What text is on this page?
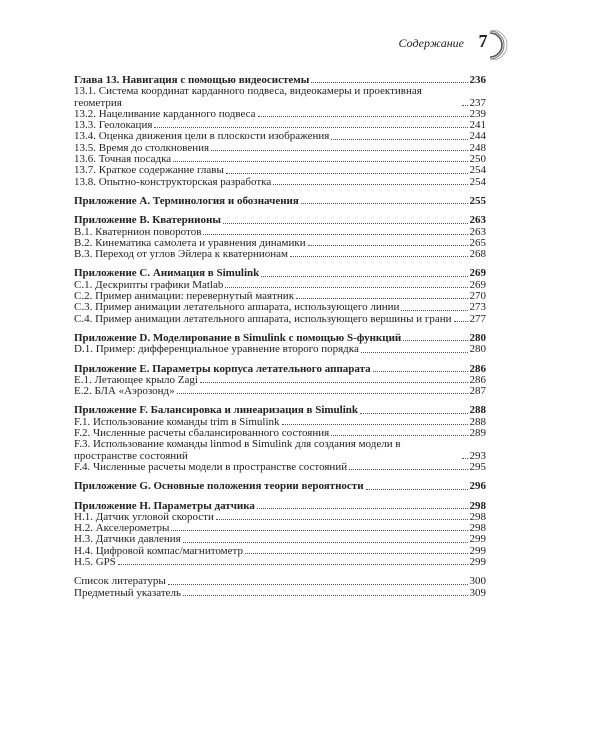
Содержание 7
Глава 13. Навигация с помощью видеосистемы	236
13.1. Система координат карданного подвеса, видеокамеры и проективная геометрия	237
13.2. Нацеливание карданного подвеса	239
13.3. Геолокация	241
13.4. Оценка движения цели в плоскости изображения	244
13.5. Время до столкновения	248
13.6. Точная посадка	250
13.7. Краткое содержание главы	254
13.8. Опытно-конструкторская разработка	254
Приложение A. Терминология и обозначения	255
Приложение B. Кватернионы	263
B.1. Кватернион поворотов	263
B.2. Кинематика самолета и уравнения динамики	265
B.3. Переход от углов Эйлера к кватернионам	268
Приложение C. Анимация в Simulink	269
C.1. Дескрипты графики Matlab	269
C.2. Пример анимации: перевернутый маятник	270
C.3. Пример анимации летательного аппарата, использующего линии	273
C.4. Пример анимации летательного аппарата, использующего вершины и грани 277
Приложение D. Моделирование в Simulink с помощью S-функций	280
D.1. Пример: дифференциальное уравнение второго порядка	280
Приложение E. Параметры корпуса летательного аппарата	286
E.1. Летающее крыло Zagi	286
E.2. БЛА «Аэрозонд»	287
Приложение F. Балансировка и линеаризация в Simulink	288
F.1. Использование команды trim в Simulink	288
F.2. Численные расчеты сбалансированного состояния	289
F.3. Использование команды linmod в Simulink для создания модели в пространстве состояний	293
F.4. Численные расчеты модели в пространстве состояний	295
Приложение G. Основные положения теории вероятности	296
Приложение H. Параметры датчика	298
H.1. Датчик угловой скорости	298
H.2. Акселерометры	298
H.3. Датчики давления	299
H.4. Цифровой компас/магнитометр	299
H.5. GPS	299
Список литературы	300
Предметный указатель	309
